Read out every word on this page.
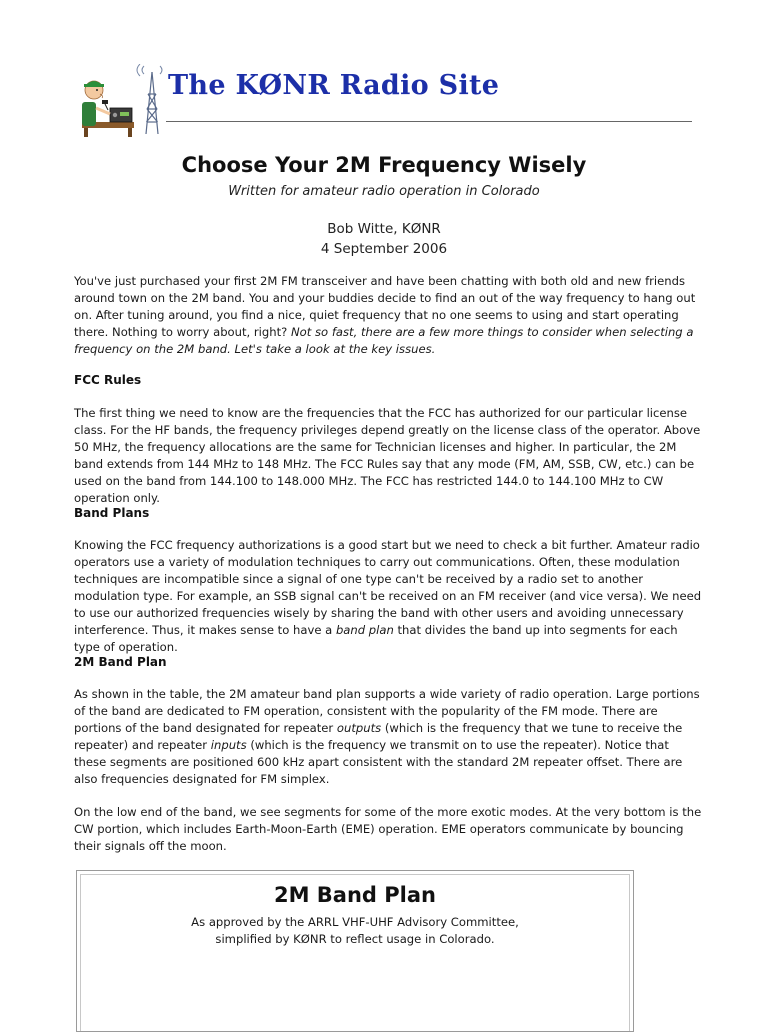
The KØNR Radio Site
Choose Your 2M Frequency Wisely
Written for amateur radio operation in Colorado
Bob Witte, KØNR
4 September 2006

You've just purchased your first 2M FM transceiver and have been chatting with both old and new friends around town on the 2M band. You and your buddies decide to find an out of the way frequency to hang out on. After tuning around, you find a nice, quiet frequency that no one seems to using and start operating there. Nothing to worry about, right? Not so fast, there are a few more things to consider when selecting a frequency on the 2M band. Let's take a look at the key issues.

FCC Rules

The first thing we need to know are the frequencies that the FCC has authorized for our particular license class. For the HF bands, the frequency privileges depend greatly on the license class of the operator. Above 50 MHz, the frequency allocations are the same for Technician licenses and higher. In particular, the 2M band extends from 144 MHz to 148 MHz. The FCC Rules say that any mode (FM, AM, SSB, CW, etc.) can be used on the band from 144.100 to 148.000 MHz. The FCC has restricted 144.0 to 144.100 MHz to CW operation only.

Band Plans

Knowing the FCC frequency authorizations is a good start but we need to check a bit further. Amateur radio operators use a variety of modulation techniques to carry out communications. Often, these modulation techniques are incompatible since a signal of one type can't be received by a radio set to another modulation type. For example, an SSB signal can't be received on an FM receiver (and vice versa). We need to use our authorized frequencies wisely by sharing the band with other users and avoiding unnecessary interference. Thus, it makes sense to have a band plan that divides the band up into segments for each type of operation.

2M Band Plan

As shown in the table, the 2M amateur band plan supports a wide variety of radio operation. Large portions of the band are dedicated to FM operation, consistent with the popularity of the FM mode. There are portions of the band designated for repeater outputs (which is the frequency that we tune to receive the repeater) and repeater inputs (which is the frequency we transmit on to use the repeater). Notice that these segments are positioned 600 kHz apart consistent with the standard 2M repeater offset. There are also frequencies designated for FM simplex.

On the low end of the band, we see segments for some of the more exotic modes. At the very bottom is the CW portion, which includes Earth-Moon-Earth (EME) operation. EME operators communicate by bouncing their signals off the moon.

2M Band Plan
As approved by the ARRL VHF-UHF Advisory Committee,
simplified by KØNR to reflect usage in Colorado.
